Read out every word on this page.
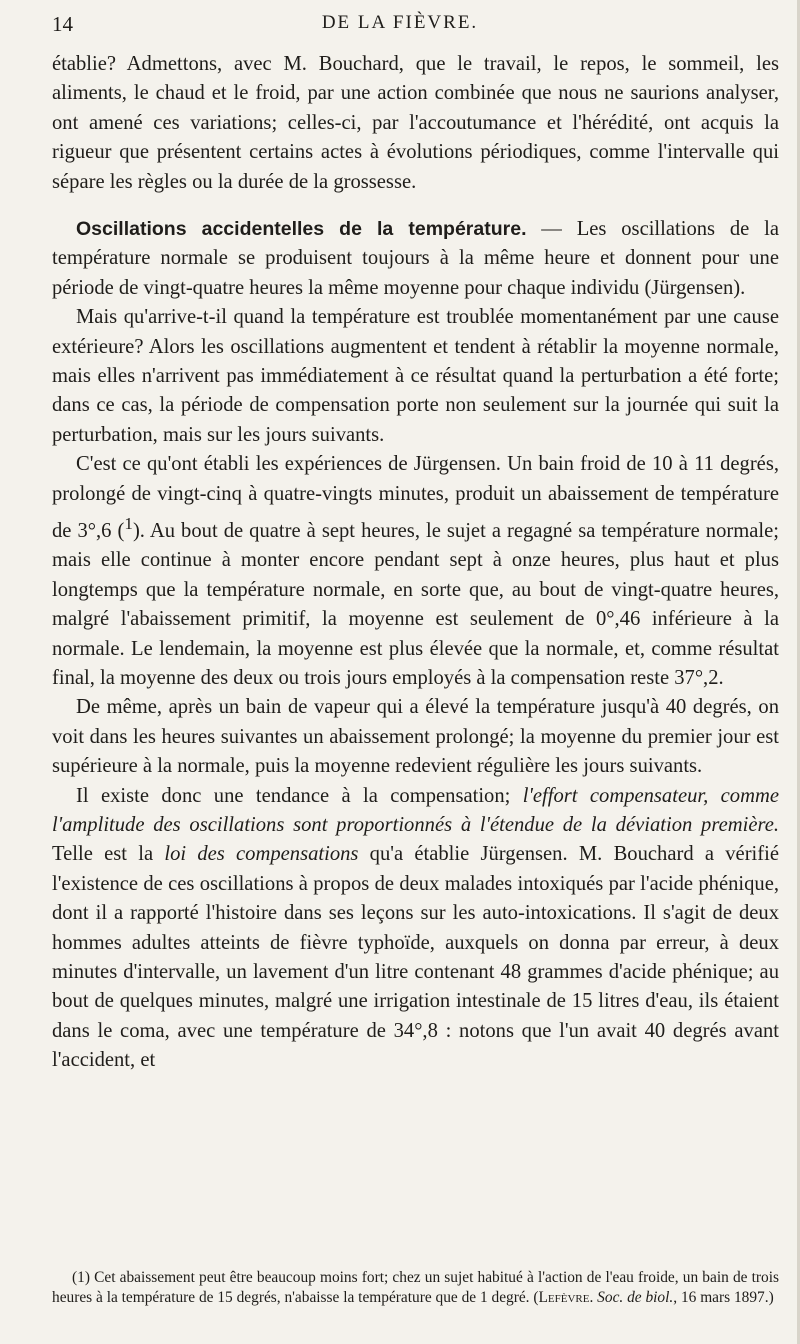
14	DE LA FIÈVRE.

établie? Admettons, avec M. Bouchard, que le travail, le repos, le sommeil, les aliments, le chaud et le froid, par une action combinée que nous ne saurions analyser, ont amené ces variations; celles-ci, par l'accoutumance et l'hérédité, ont acquis la rigueur que présentent certains actes à évolutions périodiques, comme l'intervalle qui sépare les règles ou la durée de la grossesse.

Oscillations accidentelles de la température. — Les oscillations de la température normale se produisent toujours à la même heure et donnent pour une période de vingt-quatre heures la même moyenne pour chaque individu (Jürgensen).

Mais qu'arrive-t-il quand la température est troublée momentanément par une cause extérieure? Alors les oscillations augmentent et tendent à rétablir la moyenne normale, mais elles n'arrivent pas immédiatement à ce résultat quand la perturbation a été forte; dans ce cas, la période de compensation porte non seulement sur la journée qui suit la perturbation, mais sur les jours suivants.

C'est ce qu'ont établi les expériences de Jürgensen. Un bain froid de 10 à 11 degrés, prolongé de vingt-cinq à quatre-vingts minutes, produit un abaissement de température de 3°,6 ($^1$). Au bout de quatre à sept heures, le sujet a regagné sa température normale; mais elle continue à monter encore pendant sept à onze heures, plus haut et plus longtemps que la température normale, en sorte que, au bout de vingt-quatre heures, malgré l'abaissement primitif, la moyenne est seulement de 0°,46 inférieure à la normale. Le lendemain, la moyenne est plus élevée que la normale, et, comme résultat final, la moyenne des deux ou trois jours employés à la compensation reste 37°,2.

De même, après un bain de vapeur qui a élevé la température jusqu'à 40 degrés, on voit dans les heures suivantes un abaissement prolongé; la moyenne du premier jour est supérieure à la normale, puis la moyenne redevient régulière les jours suivants.

Il existe donc une tendance à la compensation; l'effort compensateur, comme l'amplitude des oscillations sont proportionnés à l'étendue de la déviation première. Telle est la loi des compensations qu'a établie Jürgensen. M. Bouchard a vérifié l'existence de ces oscillations à propos de deux malades intoxiqués par l'acide phénique, dont il a rapporté l'histoire dans ses leçons sur les auto-intoxications. Il s'agit de deux hommes adultes atteints de fièvre typhoïde, auxquels on donna par erreur, à deux minutes d'intervalle, un lavement d'un litre contenant 48 grammes d'acide phénique; au bout de quelques minutes, malgré une irrigation intestinale de 15 litres d'eau, ils étaient dans le coma, avec une température de 34°,8 : notons que l'un avait 40 degrés avant l'accident, et

(1) Cet abaissement peut être beaucoup moins fort; chez un sujet habitué à l'action de l'eau froide, un bain de trois heures à la température de 15 degrés, n'abaisse la température que de 1 degré. (Lefèvre. Soc. de biol., 16 mars 1897.)
